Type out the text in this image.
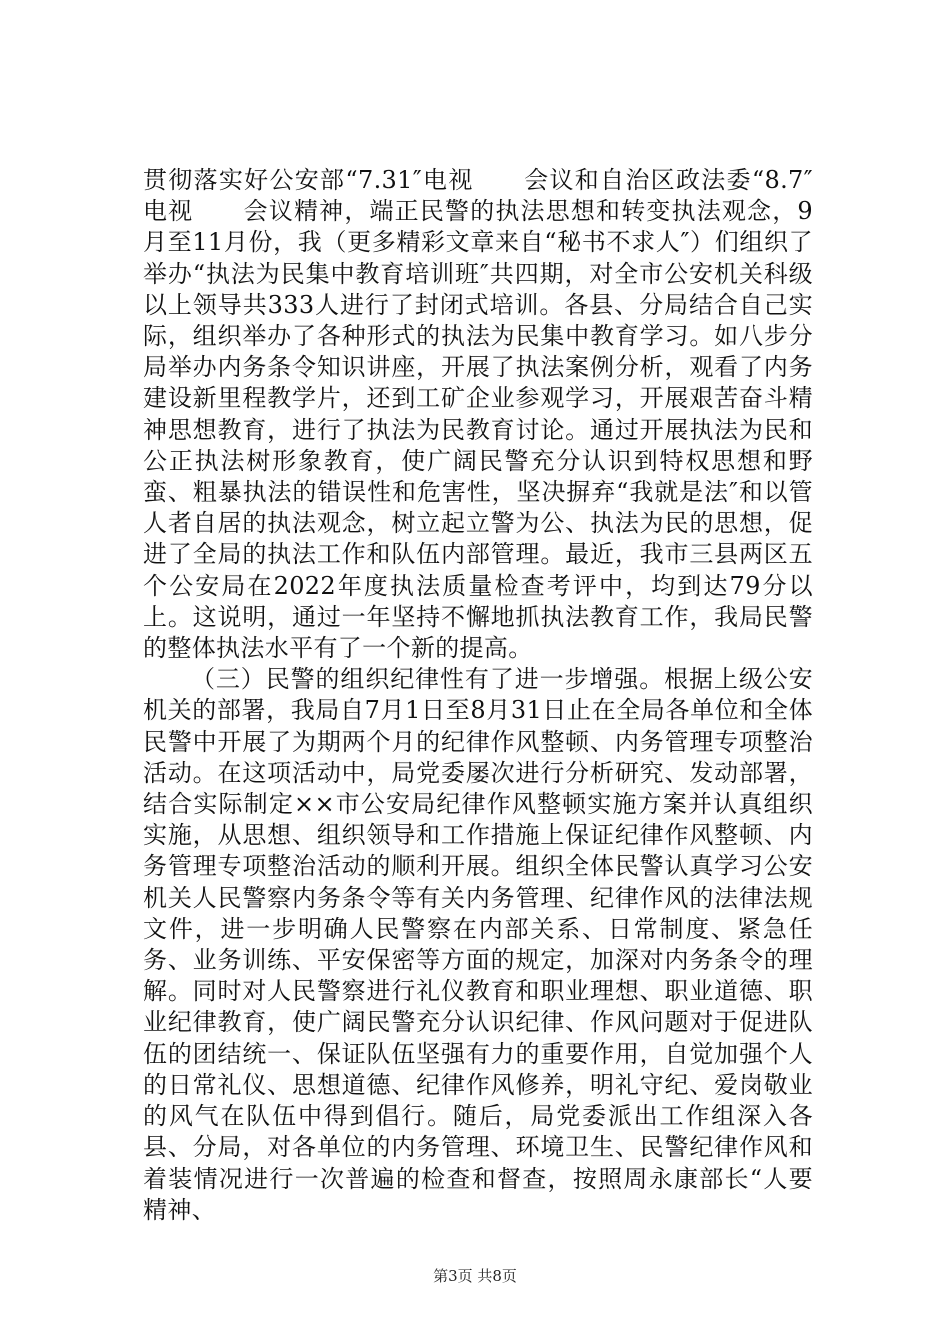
贯彻落实好公安部“7.31″电视　　会议和自治区政法委“8.7″电视　　会议精神，端正民警的执法思想和转变执法观念，9月至11月份，我（更多精彩文章来自“秘书不求人″）们组织了举办“执法为民集中教育培训班″共四期，对全市公安机关科级以上领导共333人进行了封闭式培训。各县、分局结合自己实际，组织举办了各种形式的执法为民集中教育学习。如八步分局举办内务条令知识讲座，开展了执法案例分析，观看了内务建设新里程教学片，还到工矿企业参观学习，开展艰苦奋斗精神思想教育，进行了执法为民教育讨论。通过开展执法为民和公正执法树形象教育，使广阔民警充分认识到特权思想和野蛮、粗暴执法的错误性和危害性，坚决摒弃“我就是法″和以管人者自居的执法观念，树立起立警为公、执法为民的思想，促进了全局的执法工作和队伍内部管理。最近，我市三县两区五个公安局在2022年度执法质量检查考评中，均到达79分以上。这说明，通过一年坚持不懈地抓执法教育工作，我局民警的整体执法水平有了一个新的提高。

（三）民警的组织纪律性有了进一步增强。根据上级公安机关的部署，我局自7月1日至8月31日止在全局各单位和全体民警中开展了为期两个月的纪律作风整顿、内务管理专项整治活动。在这项活动中，局党委屡次进行分析研究、发动部署，结合实际制定××市公安局纪律作风整顿实施方案并认真组织实施，从思想、组织领导和工作措施上保证纪律作风整顿、内务管理专项整治活动的顺利开展。组织全体民警认真学习公安机关人民警察内务条令等有关内务管理、纪律作风的法律法规文件，进一步明确人民警察在内部关系、日常制度、紧急任务、业务训练、平安保密等方面的规定，加深对内务条令的理解。同时对人民警察进行礼仪教育和职业理想、职业道德、职业纪律教育，使广阔民警充分认识纪律、作风问题对于促进队伍的团结统一、保证队伍坚强有力的重要作用，自觉加强个人的日常礼仪、思想道德、纪律作风修养，明礼守纪、爱岗敬业的风气在队伍中得到倡行。随后，局党委派出工作组深入各县、分局，对各单位的内务管理、环境卫生、民警纪律作风和着装情况进行一次普遍的检查和督查，按照周永康部长“人要精神、

第3页 共8页
